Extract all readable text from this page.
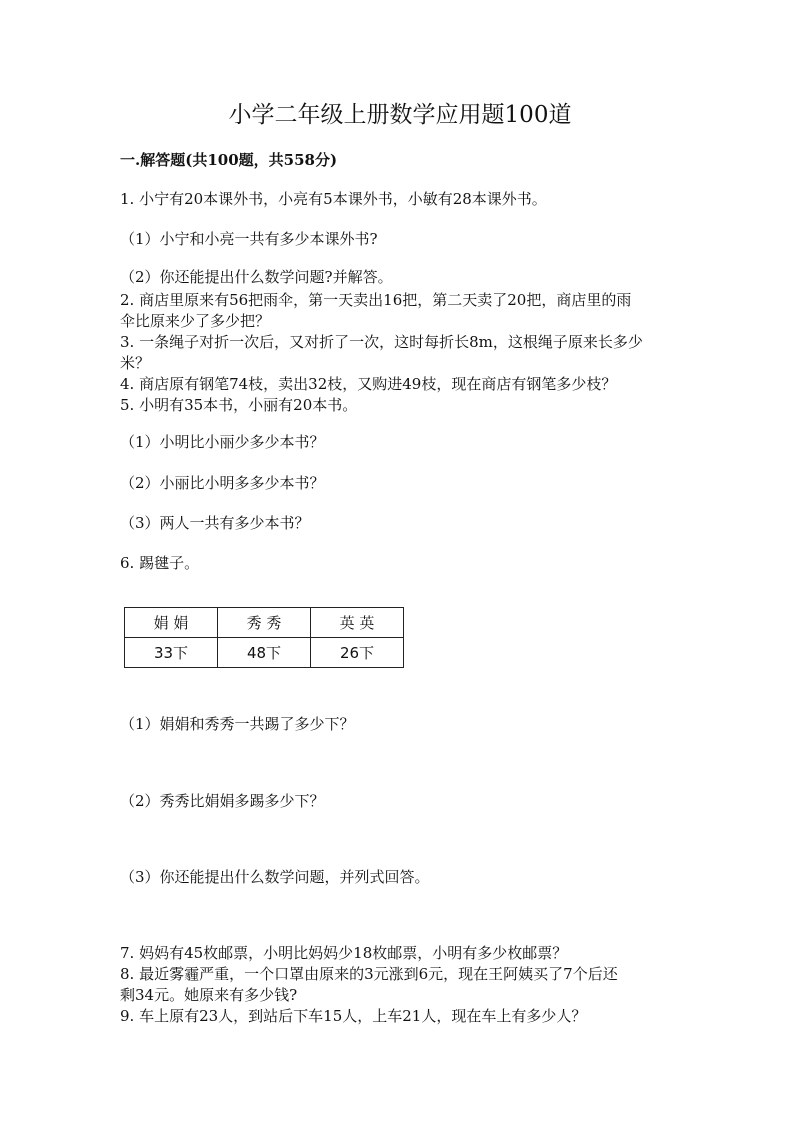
小学二年级上册数学应用题100道
一.解答题(共100题，共558分)
1. 小宁有20本课外书，小亮有5本课外书，小敏有28本课外书。
（1）小宁和小亮一共有多少本课外书?
（2）你还能提出什么数学问题?并解答。
2. 商店里原来有56把雨伞，第一天卖出16把，第二天卖了20把，商店里的雨
伞比原来少了多少把？
3. 一条绳子对折一次后，又对折了一次，这时每折长8m，这根绳子原来长多少
米？
4. 商店原有钢笔74枝，卖出32枝，又购进49枝，现在商店有钢笔多少枝？
5. 小明有35本书，小丽有20本书。
（1）小明比小丽少多少本书？
（2）小丽比小明多多少本书？
（3）两人一共有多少本书？
6. 踢毽子。
娟 娟	秀 秀	英 英
33下	48下	26下
（1）娟娟和秀秀一共踢了多少下？
（2）秀秀比娟娟多踢多少下？
（3）你还能提出什么数学问题，并列式回答。
7. 妈妈有45枚邮票，小明比妈妈少18枚邮票，小明有多少枚邮票？
8. 最近雾霾严重，一个口罩由原来的3元涨到6元，现在王阿姨买了7个后还
剩34元。她原来有多少钱?
9. 车上原有23人，到站后下车15人，上车21人，现在车上有多少人？
